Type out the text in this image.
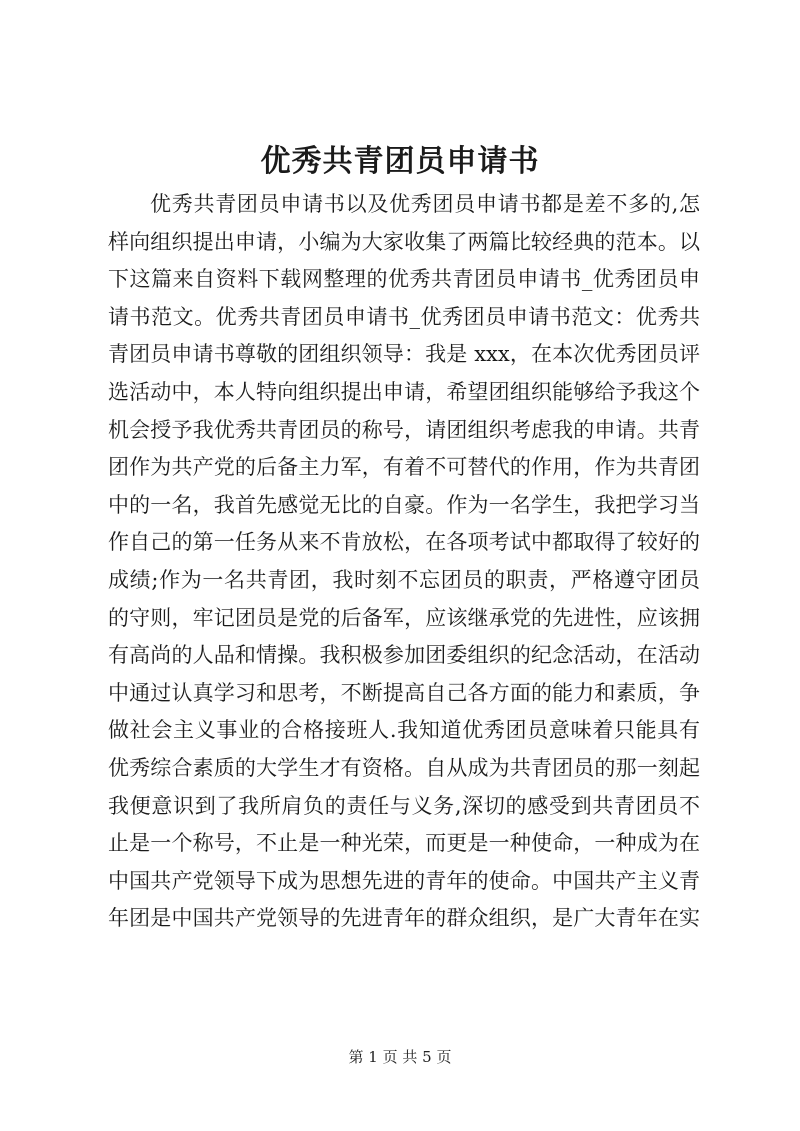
优秀共青团员申请书
优秀共青团员申请书以及优秀团员申请书都是差不多的,怎
样向组织提出申请，小编为大家收集了两篇比较经典的范本。以
下这篇来自资料下载网整理的优秀共青团员申请书_优秀团员申
请书范文。优秀共青团员申请书_优秀团员申请书范文：优秀共
青团员申请书尊敬的团组织领导：我是 xxx，在本次优秀团员评
选活动中，本人特向组织提出申请，希望团组织能够给予我这个
机会授予我优秀共青团员的称号，请团组织考虑我的申请。共青
团作为共产党的后备主力军，有着不可替代的作用，作为共青团
中的一名，我首先感觉无比的自豪。作为一名学生，我把学习当
作自己的第一任务从来不肯放松，在各项考试中都取得了较好的
成绩;作为一名共青团，我时刻不忘团员的职责，严格遵守团员
的守则，牢记团员是党的后备军，应该继承党的先进性，应该拥
有高尚的人品和情操。我积极参加团委组织的纪念活动，在活动
中通过认真学习和思考，不断提高自己各方面的能力和素质，争
做社会主义事业的合格接班人.我知道优秀团员意味着只能具有
优秀综合素质的大学生才有资格。自从成为共青团员的那一刻起
我便意识到了我所肩负的责任与义务,深切的感受到共青团员不
止是一个称号，不止是一种光荣，而更是一种使命，一种成为在
中国共产党领导下成为思想先进的青年的使命。中国共产主义青
年团是中国共产党领导的先进青年的群众组织，是广大青年在实
第 1 页 共 5 页
